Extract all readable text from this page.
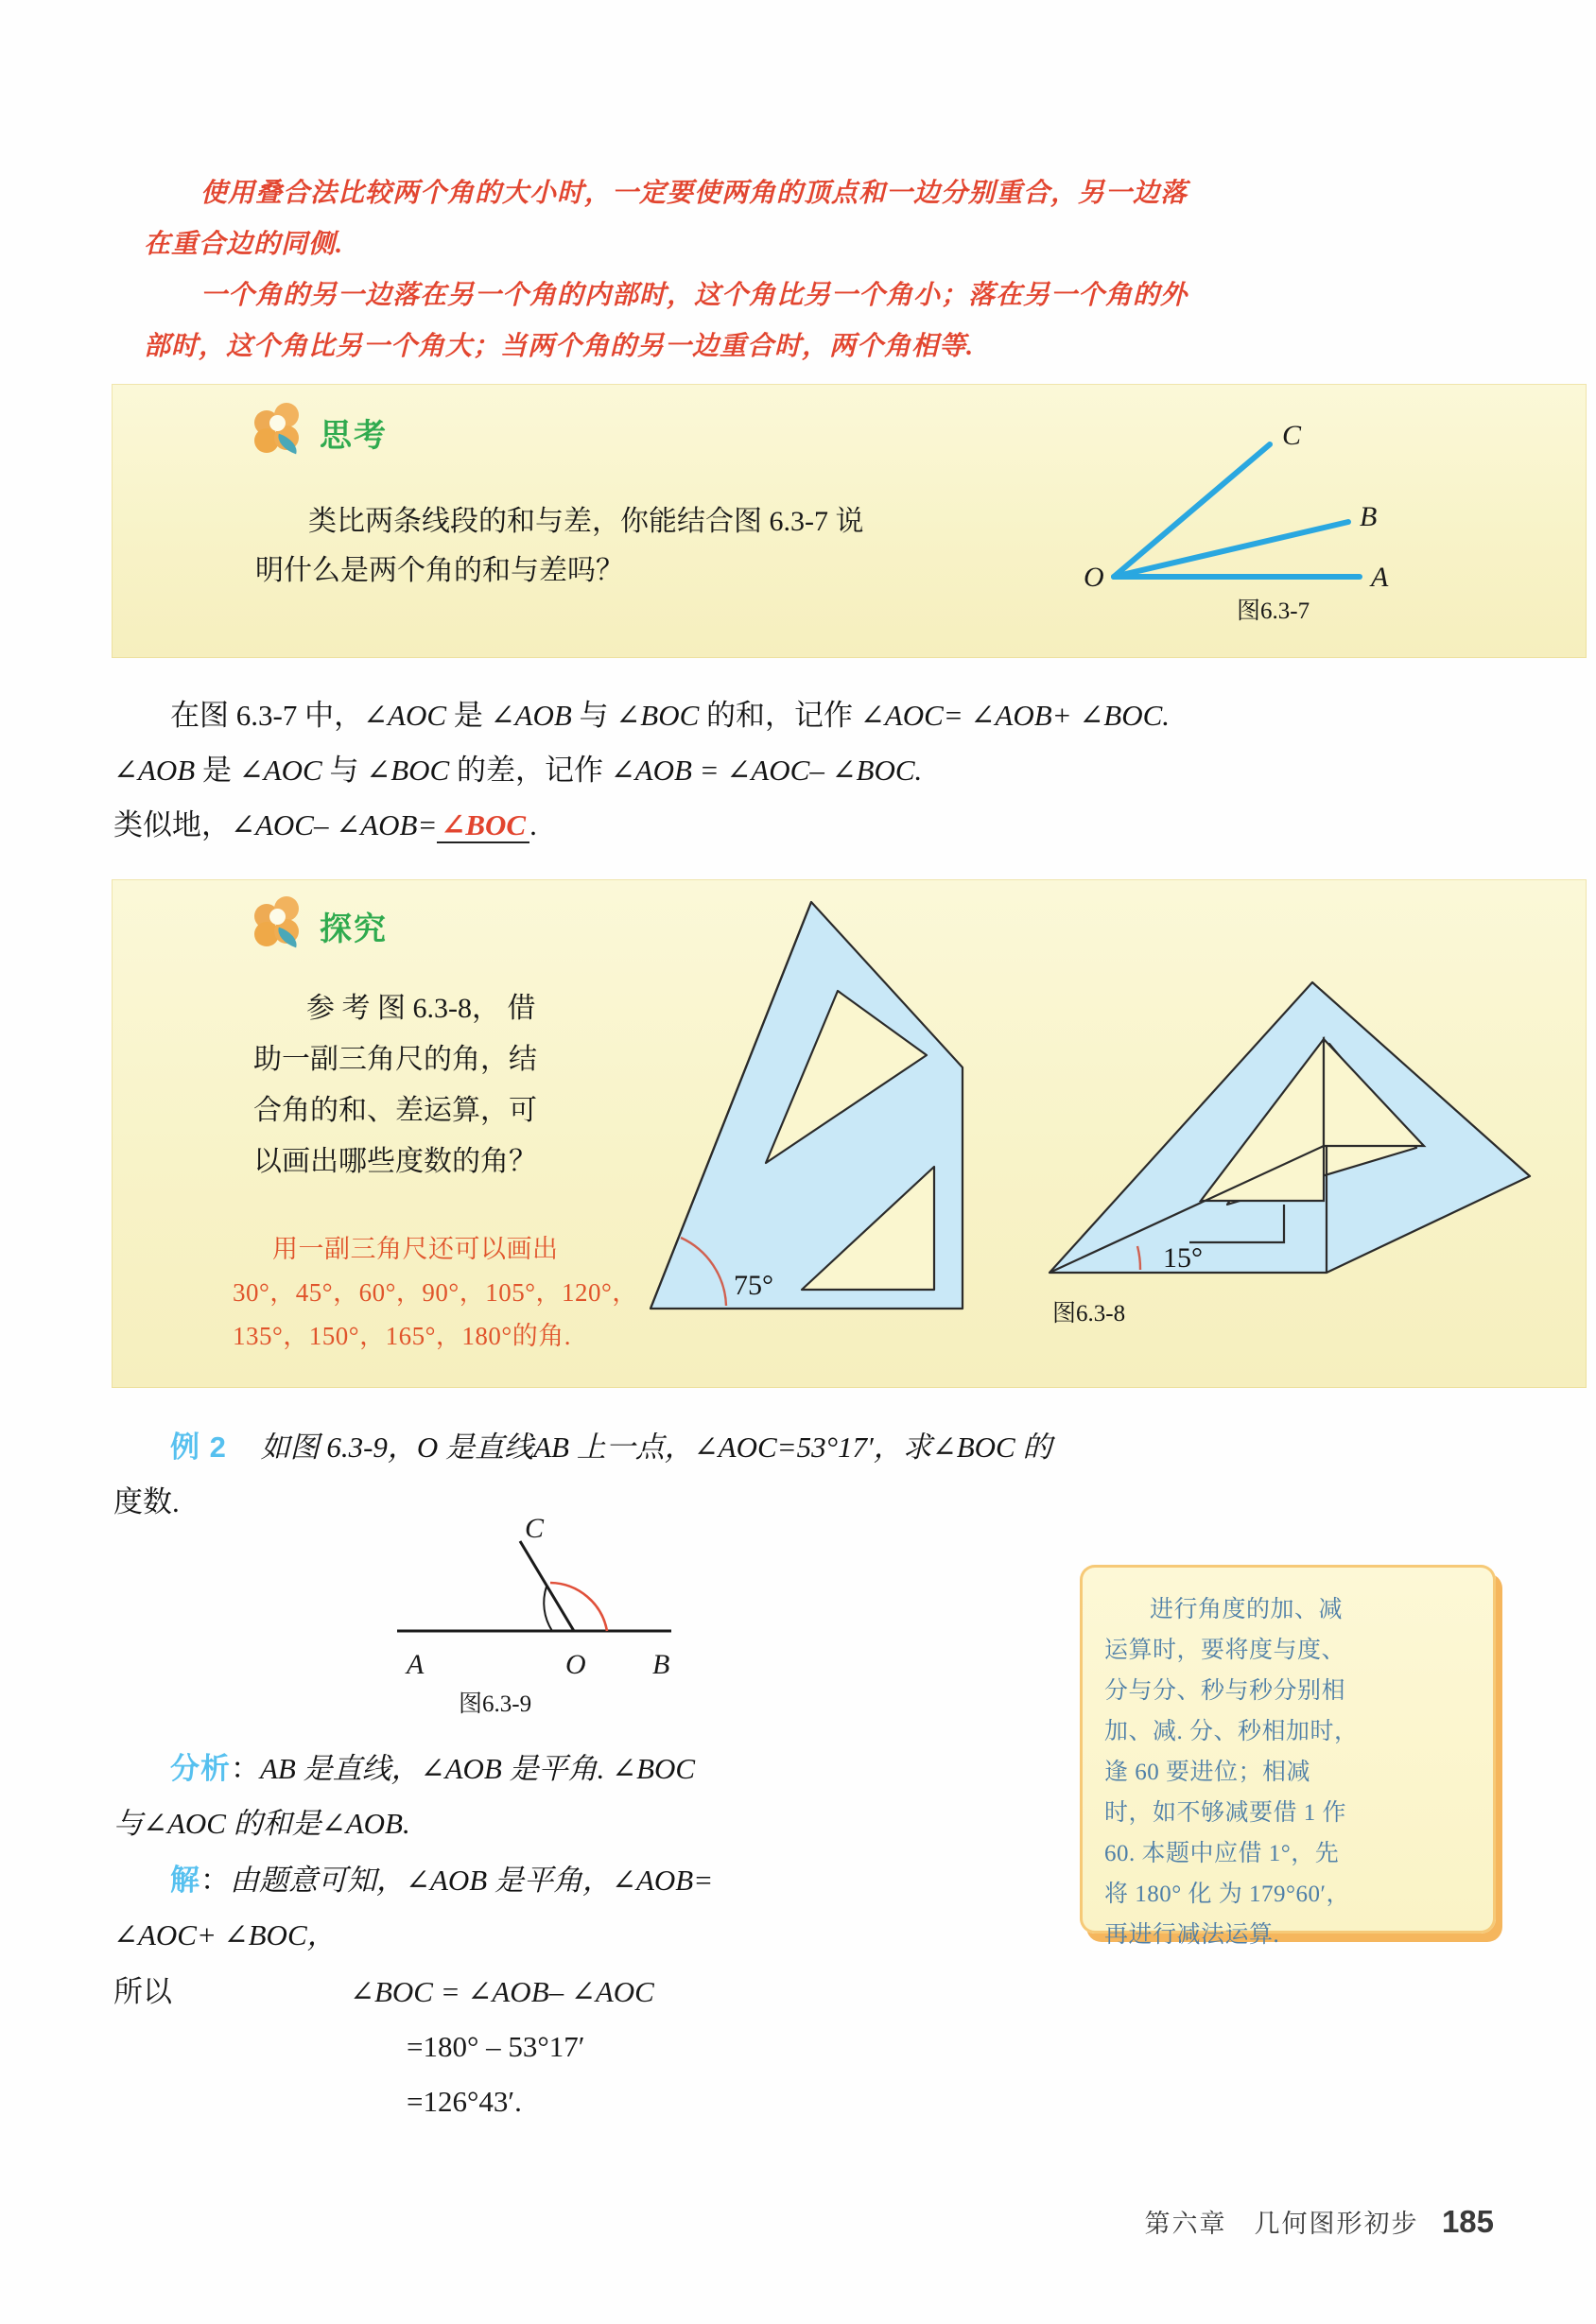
使用叠合法比较两个角的大小时，一定要使两角的顶点和一边分别重合，另一边落

在重合边的同侧.

一个角的另一边落在另一个角的内部时，这个角比另一个角小；落在另一个角的外

部时，这个角比另一个角大；当两个角的另一边重合时，两个角相等.

思考

类比两条线段的和与差，你能结合图 6.3-7 说

明什么是两个角的和与差吗？	O	A
B
C
图6.3-7

在图 6.3-7 中，∠AOC 是 ∠AOB 与 ∠BOC 的和，记作 ∠AOC= ∠AOB+ ∠BOC.

∠AOB 是 ∠AOC 与 ∠BOC 的差，记作 ∠AOB = ∠AOC– ∠BOC.

类似地，∠AOC– ∠AOB= ∠BOC .

探究

参 考 图 6.3-8， 借

助一副三角尺的角，结

合角的和、差运算，可

以画出哪些度数的角？

用一副三角尺还可以画出

30°，45°，60°，90°，105°，120°，

135°，150°，165°，180°的角.

75°
15°
图6.3-8

例 2 如图 6.3-9，O 是直线AB 上一点，∠AOC=53°17′，求∠BOC 的

度数.

A	O B
C
图6.3-9

分析：AB 是直线，∠AOB 是平角. ∠BOC

与∠AOC 的和是∠AOB.

解：由题意可知，∠AOB 是平角，∠AOB=

∠AOC+ ∠BOC，

所以	∠BOC = ∠AOB– ∠AOC
=180° – 53°17′
=126°43′.

进行角度的加、减

运算时，要将度与度、

分与分、秒与秒分别相

加、减. 分、秒相加时，

逢 60 要进位；相减

时，如不够减要借 1 作

60. 本题中应借 1°，先

将 180° 化 为 179°60′，

再进行减法运算.

第六章　几何图形初步 185
